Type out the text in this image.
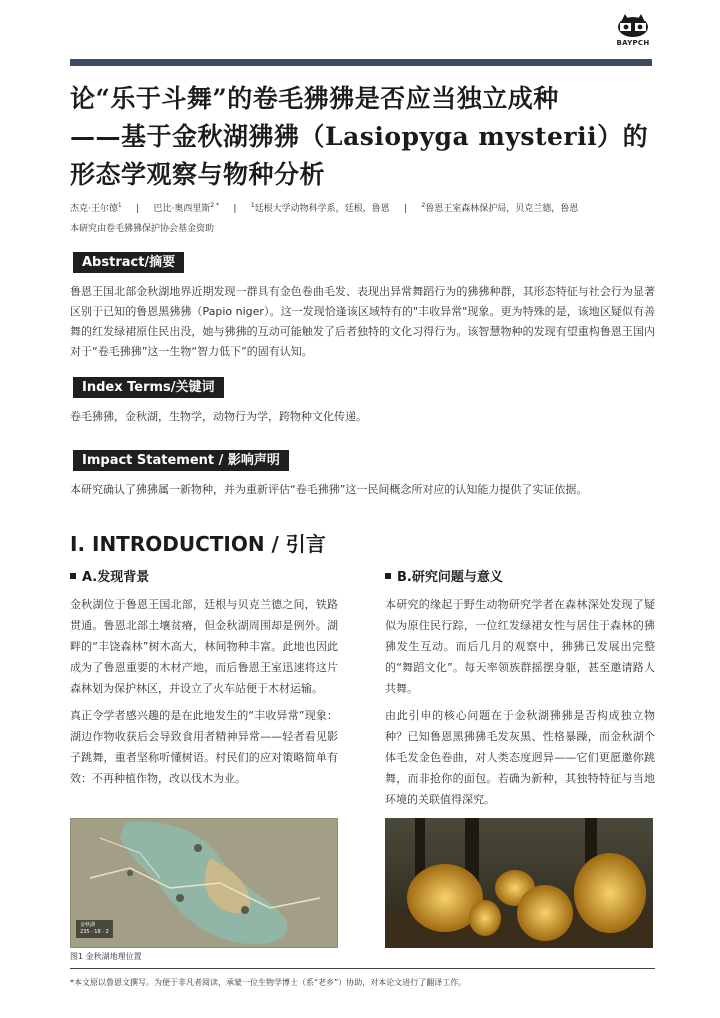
BAYPCH
论“乐于斗舞”的卷毛狒狒是否应当独立成种
——基于金秋湖狒狒（Lasiopyga mysterii）的
形态学观察与物种分析
杰克·王尔德$^1$ | 巴比·奥西里斯$^{2 *}$ | $^1$廷根大学动物科学系，廷根，鲁恩 | $^2$鲁恩王室森林保护局，贝克兰德，鲁恩
本研究由卷毛狒狒保护协会基金资助
Abstract/摘要
鲁恩王国北部金秋湖地界近期发现一群具有金色卷曲毛发、表现出异常舞蹈行为的狒狒种群，其形态特征与社会行为显著区别于已知的鲁恩黑狒狒（Papio niger）。这一发现恰逢该区域特有的"丰收异常"现象。更为特殊的是，该地区疑似有善舞的红发绿裙原住民出没，她与狒狒的互动可能触发了后者独特的文化习得行为。该智慧物种的发现有望重构鲁恩王国内对于“卷毛狒狒”这一生物“智力低下”的固有认知。
Index Terms/关键词
卷毛狒狒，金秋湖，生物学，动物行为学，跨物种文化传递。
Impact Statement / 影响声明
本研究确认了狒狒属一新物种，并为重新评估“卷毛狒狒”这一民间概念所对应的认知能力提供了实证依据。
I. INTRODUCTION / 引言
A.发现背景

金秋湖位于鲁恩王国北部，廷根与贝克兰德之间，铁路贯通。鲁恩北部土壤贫瘠，但金秋湖周围却是例外。湖畔的“丰饶森林”树木高大，林间物种丰富。此地也因此成为了鲁恩重要的木材产地，而后鲁恩王室迅速将这片森林划为保护林区，并设立了火车站便于木材运输。

真正令学者感兴趣的是在此地发生的“丰收异常”现象：湖边作物收获后会导致食用者精神异常——轻者看见影子跳舞，重者坚称听懂树语。村民们的应对策略简单有效：不再种植作物，改以伐木为业。

B.研究问题与意义

本研究的缘起于野生动物研究学者在森林深处发现了疑似为原住民行踪，一位红发绿裙女性与居住于森林的狒狒发生互动。而后几月的观察中，狒狒已发展出完整的“舞蹈文化”。每天率领族群摇摆身躯，甚至邀请路人共舞。

由此引申的核心问题在于金秋湖狒狒是否构成独立物种？已知鲁恩黑狒狒毛发灰黑、性格暴躁，而金秋湖个体毛发金色卷曲，对人类态度迥异——它们更愿邀你跳舞，而非抢你的面包。若确为新种，其独特特征与当地环境的关联值得深究。

金秋湖
235 · 18 · 2
图1 金秋湖地理位置
*本文原以鲁恩文撰写。为便于非凡者阅读，承蒙一位生物学博士（系“老乡”）协助，对本论文进行了翻译工作。
